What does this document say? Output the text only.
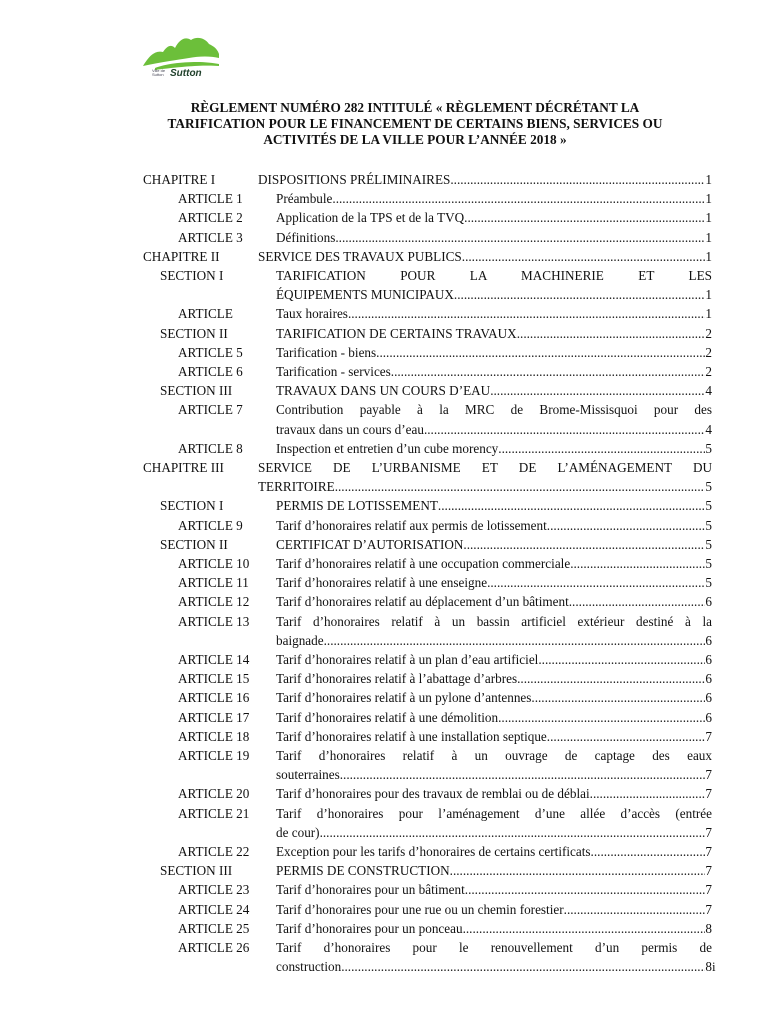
Ville de Sutton Sutton
RÈGLEMENT NUMÉRO 282 INTITULÉ « RÈGLEMENT DÉCRÉTANT LA
TARIFICATION POUR LE FINANCEMENT DE CERTAINS BIENS, SERVICES OU
ACTIVITÉS DE LA VILLE POUR L’ANNÉE 2018 »
CHAPITRE I	DISPOSITIONS PRÉLIMINAIRES .....	1
ARTICLE 1	Préambule .....	1
ARTICLE 2	Application de la TPS et de la TVQ .....	1
ARTICLE 3	Définitions .....	1
CHAPITRE II	SERVICE DES TRAVAUX PUBLICS .....	1
SECTION I	TARIFICATION POUR LA MACHINERIE ET LES
ÉQUIPEMENTS MUNICIPAUX .....	1
ARTICLE	Taux horaires .....	1
SECTION II	TARIFICATION DE CERTAINS TRAVAUX .....	2
ARTICLE 5	Tarification - biens .....	2
ARTICLE 6	Tarification - services .....	2
SECTION III	TRAVAUX DANS UN COURS D’EAU .....	4
ARTICLE 7	Contribution payable à la MRC de Brome-Missisquoi pour des
travaux dans un cours d’eau .....	4
ARTICLE 8	Inspection et entretien d’un cube morency .....	5
CHAPITRE III	SERVICE DE L’URBANISME ET DE L’AMÉNAGEMENT DU
TERRITOIRE .....	5
SECTION I	PERMIS DE LOTISSEMENT .....	5
ARTICLE 9	Tarif d’honoraires relatif aux permis de lotissement .....	5
SECTION II	CERTIFICAT D’AUTORISATION .....	5
ARTICLE 10 Tarif d’honoraires relatif à une occupation commerciale .....	5
ARTICLE 11 Tarif d’honoraires relatif à une enseigne .....	5
ARTICLE 12 Tarif d’honoraires relatif au déplacement d’un bâtiment .....	6
ARTICLE 13 Tarif d’honoraires relatif à un bassin artificiel extérieur destiné à la
baignade .....	6
ARTICLE 14 Tarif d’honoraires relatif à un plan d’eau artificiel .....	6
ARTICLE 15 Tarif d’honoraires relatif à l’abattage d’arbres .....	6
ARTICLE 16 Tarif d’honoraires relatif à un pylone d’antennes .....	6
ARTICLE 17 Tarif d’honoraires relatif à une démolition .....	6
ARTICLE 18 Tarif d’honoraires relatif à une installation septique .....	7
ARTICLE 19 Tarif d’honoraires relatif à un ouvrage de captage des eaux
souterraines .....	7
ARTICLE 20 Tarif d’honoraires pour des travaux de remblai ou de déblai .....	7
ARTICLE 21 Tarif d’honoraires pour l’aménagement d’une allée d’accès (entrée
de cour) .....	7
ARTICLE 22 Exception pour les tarifs d’honoraires de certains certificats .....	7
SECTION III	PERMIS DE CONSTRUCTION .....	7
ARTICLE 23 Tarif d’honoraires pour un bâtiment .....	7
ARTICLE 24 Tarif d’honoraires pour une rue ou un chemin forestier .....	7
ARTICLE 25 Tarif d’honoraires pour un ponceau .....	8
ARTICLE 26 Tarif d’honoraires pour le renouvellement d’un permis de
construction .....	8 i
